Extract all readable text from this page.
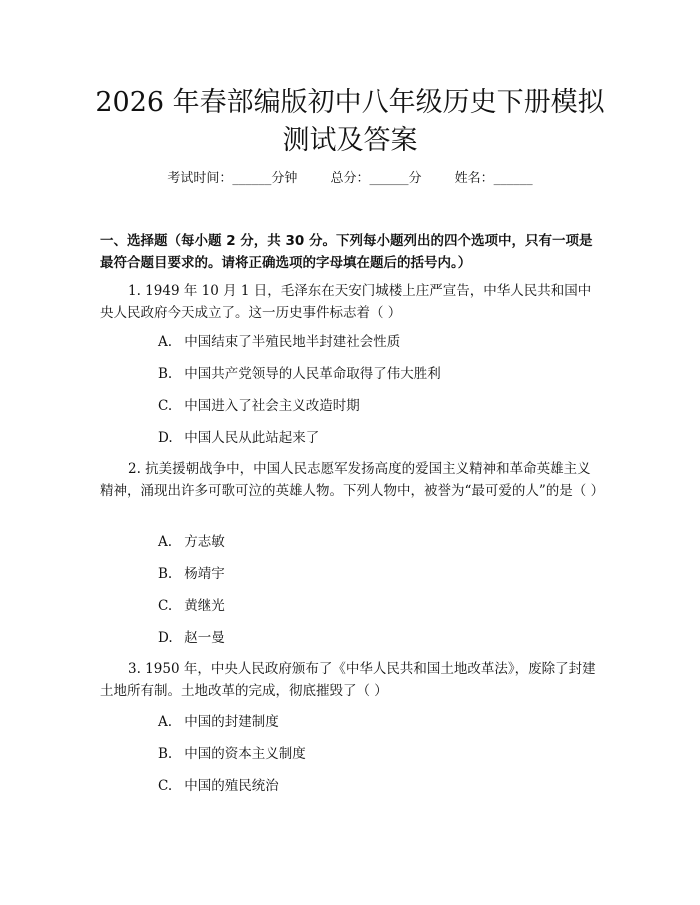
2026 年春部编版初中八年级历史下册模拟测试及答案
考试时间：______分钟	总分：______分	姓名：______

一、选择题（每小题 2 分，共 30 分。下列每小题列出的四个选项中，只有一项是最符合题目要求的。请将正确选项的字母填在题后的括号内。）

1. 1949 年 10 月 1 日，毛泽东在天安门城楼上庄严宣告，中华人民共和国中央人民政府今天成立了。这一历史事件标志着（ ）

A. 中国结束了半殖民地半封建社会性质

B. 中国共产党领导的人民革命取得了伟大胜利

C. 中国进入了社会主义改造时期

D. 中国人民从此站起来了

2. 抗美援朝战争中，中国人民志愿军发扬高度的爱国主义精神和革命英雄主义精神，涌现出许多可歌可泣的英雄人物。下列人物中，被誉为“最可爱的人”的是（ ）

A. 方志敏

B. 杨靖宇

C. 黄继光

D. 赵一曼

3. 1950 年，中央人民政府颁布了《中华人民共和国土地改革法》，废除了封建土地所有制。土地改革的完成，彻底摧毁了（ ）

A. 中国的封建制度

B. 中国的资本主义制度

C. 中国的殖民统治
